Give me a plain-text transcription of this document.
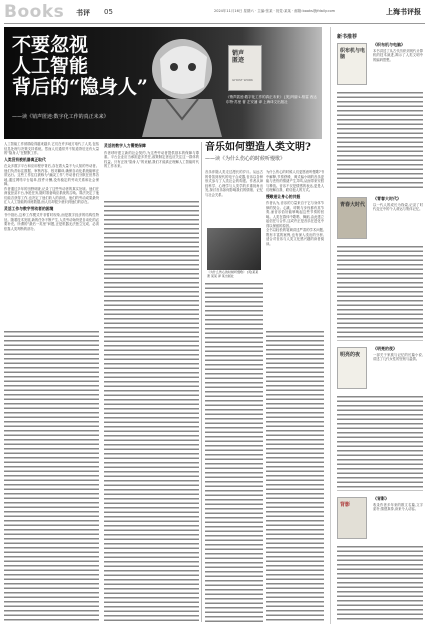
Books 书评 05	2024年11月16日 星期六 · 主编:张某 · 视觉:某某 · 邮箱:books@jfdaily.com	上海书评报
不要忽视
人工智能
背后的“隐身人”
——读《销声匿迹:数字化工作的真正未来》
销声
匿迹
GHOST WORK
《销声匿迹:数字化工作的真正未来》 [美]玛丽·L.格雷 西达尔特·苏里 著 左安浦 译 上海译文出版社

人工智能工作被描绘得越来越多,它们在许多地方取代了人类,包括信息处理与决策支持系统。然而人们通常并不知道背后还有大量的“隐身人”在默默工作。

人类没有被机器真正取代

在众多数字平台和应用程序背后,存在着大量不为人知的劳动者。他们负责标注数据、审核内容、校对翻译,确保自动化系统能够正常运行。这些工作往往被称为“幽灵工作”,劳动者们分散在世界各地,通过网络平台接单,按件计酬,没有稳定的劳动关系和社会保障。

作者通过多年的田野调查,记录了这些劳动者的真实处境。他们在深夜登录平台,争抢任务,随时准备响应系统的召唤。算法决定了他们能否获得工作,也决定了他们收入的高低。他们的劳动成果最终汇入人工智能的训练数据,而人们却很少意识到他们的存在。

灵活工作与数字劳动者的困境

书中指出,这种工作模式并非暂时现象,而是数字经济的结构性特征。随着技术发展,新的任务不断产生,人类劳动始终是自动化的必要补充。所谓的“最后一英里”问题,正是机器无法独立完成、必须依靠人类判断的部分。

灵活的数字人力需要保障

作者呼吁建立新的社会契约,为这些劳动者提供基本的保障与尊重。平台企业应当承担更多责任,政策制定者也应关注这一群体的权益。只有正视“隐身人”的贡献,我们才能真正理解人工智能时代的工作未来。

音乐如何塑造人类文明?
——读《为什么伤心的时候听慢歌》

音乐伴随人类走过漫长的岁月。从远古的骨笛到现代的电子合成器,音乐以各种形式参与了人类社会的构建。作者从神经科学、心理学与人类学的多重视角出发,探讨音乐如何影响我们的情绪、记忆与社会关系。

《为什么伤心的时候听慢歌》 [英]某某 著 某某 译 某出版社

为什么伤心的时候人们更愿意听慢歌?书中解释,节奏舒缓、调式偏小调的音乐更能与悲伤的情绪产生共鸣,从而带来安慰与释放。音乐不仅是情感的表达,更是人们理解自我、联结他人的方式。

慢歌是让身心的共振

作者认为,音乐的力量来自于它与身体节律的契合。心跳、呼吸与步伐都有其节奏,而音乐恰好能够唤起这些节奏的回响。人类在群体中歌唱、舞蹈,由此建立起信任与合作,这或许正是音乐在进化中得以保留的原因。

全书以轻松的笔调讲述严肃的学术问题,既有丰富的案例,也有深入浅出的分析,适合对音乐与人类文化感兴趣的读者阅读。

新书推荐
织布机与电脑
《织布机与电脑》

本书讲述了从古代纺织到现代计算机的技术演进,揭示了人类文明中的编码思想。

青春大时代
《青春大时代》

以一代人的成长为线索,记录了时代变迁中的个人命运与集体记忆。

明亮的夜
《明亮的夜》

一部关于家族与记忆的长篇小说,讲述了几代女性的坚韧与温情。

背影
《背影》

收录作者多年来的散文名篇,文字质朴,情感真挚,读来令人动容。
